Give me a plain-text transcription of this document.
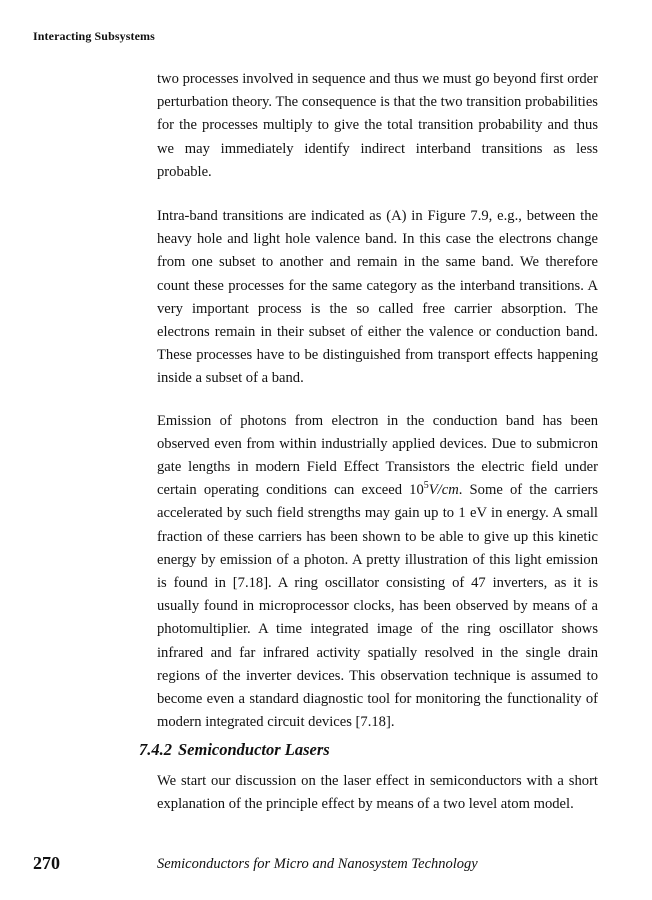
Interacting Subsystems

two processes involved in sequence and thus we must go beyond first order perturbation theory. The consequence is that the two transition probabilities for the processes multiply to give the total transition probability and thus we may immediately identify indirect interband transitions as less probable.

Intra-band transitions are indicated as (A) in Figure 7.9, e.g., between the heavy hole and light hole valence band. In this case the electrons change from one subset to another and remain in the same band. We therefore count these processes for the same category as the interband transitions. A very important process is the so called free carrier absorption. The electrons remain in their subset of either the valence or conduction band. These processes have to be distinguished from transport effects happening inside a subset of a band.

Emission of photons from electron in the conduction band has been observed even from within industrially applied devices. Due to submicron gate lengths in modern Field Effect Transistors the electric field under certain operating conditions can exceed $10^5V/cm$. Some of the carriers accelerated by such field strengths may gain up to 1 eV in energy. A small fraction of these carriers has been shown to be able to give up this kinetic energy by emission of a photon. A pretty illustration of this light emission is found in [7.18]. A ring oscillator consisting of 47 inverters, as it is usually found in microprocessor clocks, has been observed by means of a photomultiplier. A time integrated image of the ring oscillator shows infrared and far infrared activity spatially resolved in the single drain regions of the inverter devices. This observation technique is assumed to become even a standard diagnostic tool for monitoring the functionality of modern integrated circuit devices [7.18].

7.4.2 Semiconductor Lasers

We start our discussion on the laser effect in semiconductors with a short explanation of the principle effect by means of a two level atom model.

270	Semiconductors for Micro and Nanosystem Technology
